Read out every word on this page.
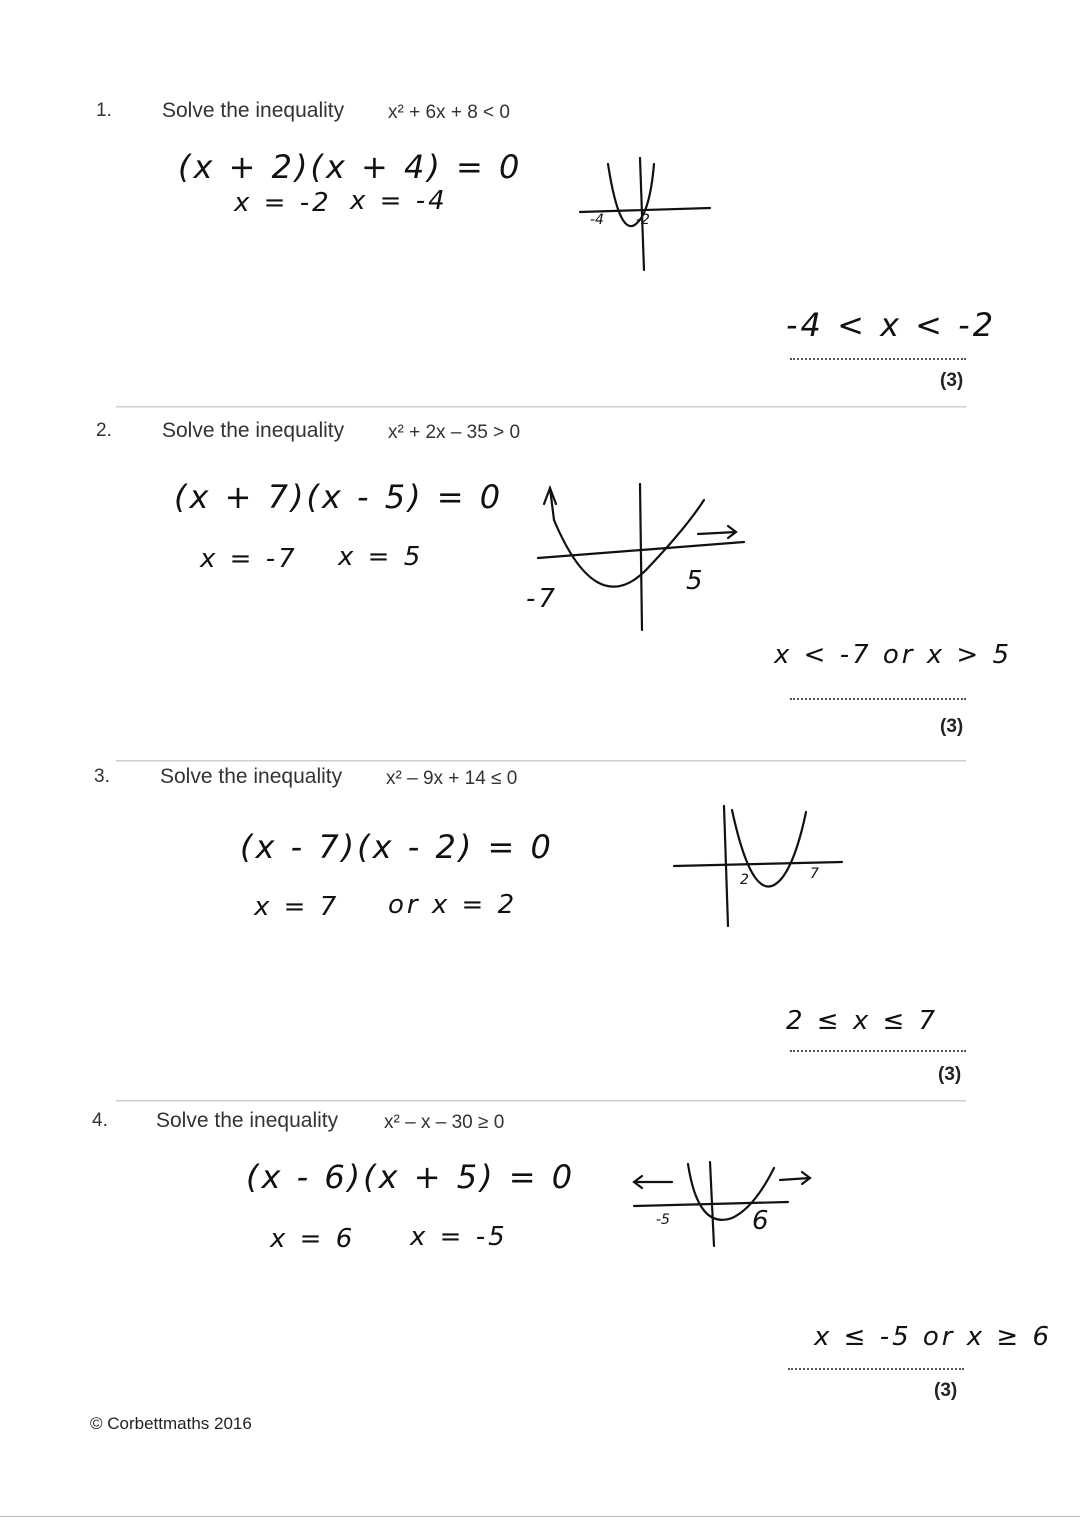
1. Solve the inequality x² + 6x + 8 < 0
(x + 2)(x + 4) = 0
x = -2 x = -4
-4 -2
-4 < x < -2
(3)
2. Solve the inequality x² + 2x – 35 > 0
(x + 7)(x - 5) = 0
x = -7 x = 5
-7
5
x < -7 or x > 5
(3)
3. Solve the inequality x² – 9x + 14 ≤ 0
(x - 7)(x - 2) = 0
x = 7 or x = 2
2	7
2 ≤ x ≤ 7
(3)
4. Solve the inequality x² – x – 30 ≥ 0
(x - 6)(x + 5) = 0
x = 6 x = -5
-5	6
x ≤ -5 or x ≥ 6
(3)
© Corbettmaths 2016
